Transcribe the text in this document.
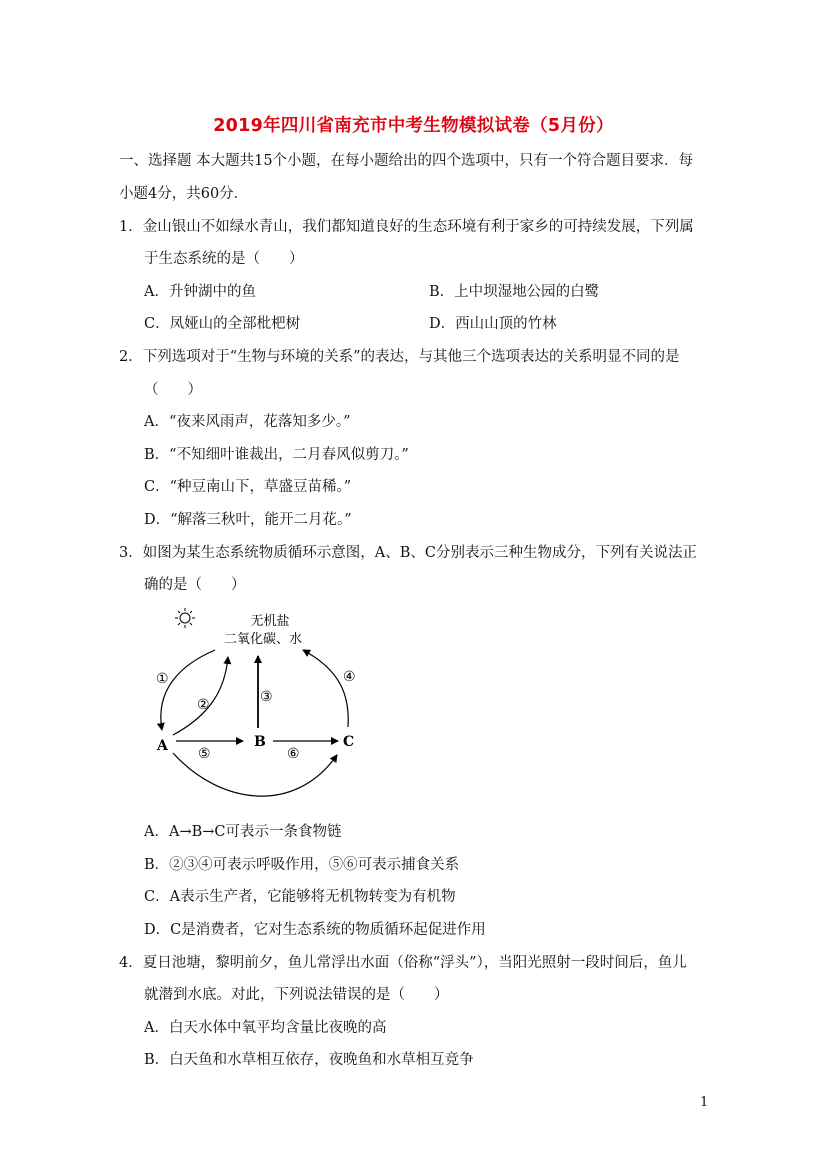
2019年四川省南充市中考生物模拟试卷（5月份）
一、选择题 本大题共15个小题，在每小题给出的四个选项中，只有一个符合题目要求．每
小题4分，共60分．
1．金山银山不如绿水青山，我们都知道良好的生态环境有利于家乡的可持续发展，下列属
于生态系统的是（　　）
A．升钟湖中的鱼	B．上中坝湿地公园的白鹭
C．凤娅山的全部枇杷树	D．西山山顶的竹林
2．下列选项对于“生物与环境的关系”的表达，与其他三个选项表达的关系明显不同的是
（　　）
A．“夜来风雨声，花落知多少。”
B．“不知细叶谁裁出，二月春风似剪刀。”
C．“种豆南山下，草盛豆苗稀。”
D．“解落三秋叶，能开二月花。”
3．如图为某生态系统物质循环示意图，A、B、C分别表示三种生物成分，下列有关说法正
确的是（　　）
无机盐
二氧化碳、水
A	B	C
①
②	③
④
⑤	⑥
A．A→B→C可表示一条食物链
B．②③④可表示呼吸作用，⑤⑥可表示捕食关系
C．A表示生产者，它能够将无机物转变为有机物
D．C是消费者，它对生态系统的物质循环起促进作用
4．夏日池塘，黎明前夕，鱼儿常浮出水面（俗称“浮头”），当阳光照射一段时间后，鱼儿
就潜到水底。对此，下列说法错误的是（　　）
A．白天水体中氧平均含量比夜晚的高
B．白天鱼和水草相互依存，夜晚鱼和水草相互竞争
1
